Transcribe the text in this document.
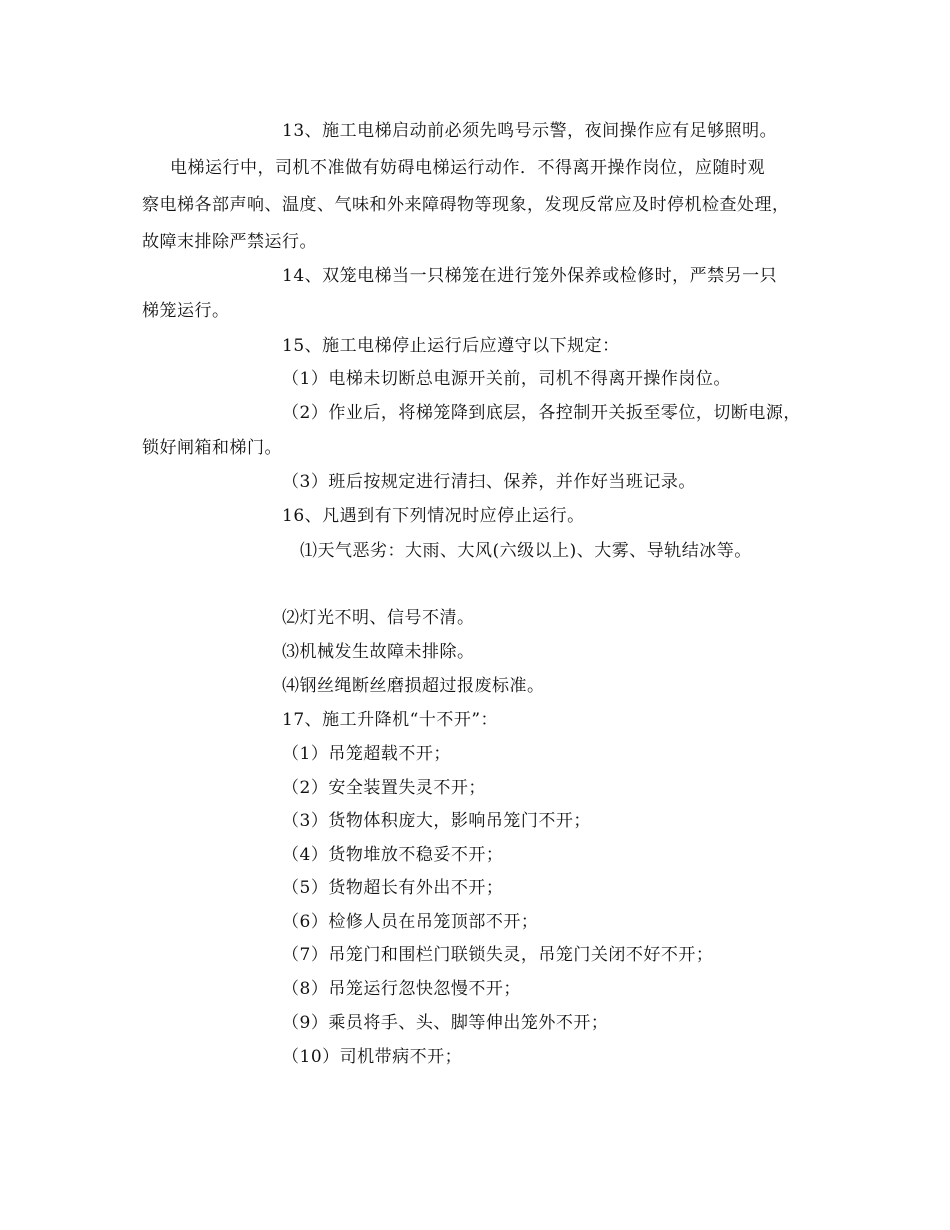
13、施工电梯启动前必须先鸣号示警，夜间操作应有足够照明。
电梯运行中，司机不准做有妨碍电梯运行动作．不得离开操作岗位，应随时观
察电梯各部声响、温度、气味和外来障碍物等现象，发现反常应及时停机检查处理，
故障末排除严禁运行。
14、双笼电梯当一只梯笼在进行笼外保养或检修时，严禁另一只
梯笼运行。
15、施工电梯停止运行后应遵守以下规定：
（1）电梯未切断总电源开关前，司机不得离开操作岗位。
（2）作业后，将梯笼降到底层，各控制开关扳至零位，切断电源，
锁好闸箱和梯门。
（3）班后按规定进行清扫、保养，并作好当班记录。
16、凡遇到有下列情况时应停止运行。
⑴天气恶劣：大雨、大风(六级以上)、大雾、导轨结冰等。
⑵灯光不明、信号不清。
⑶机械发生故障未排除。
⑷钢丝绳断丝磨损超过报废标准。
17、施工升降机“十不开”：
（1）吊笼超载不开；
（2）安全装置失灵不开；
（3）货物体积庞大，影响吊笼门不开；
（4）货物堆放不稳妥不开；
（5）货物超长有外出不开；
（6）检修人员在吊笼顶部不开；
（7）吊笼门和围栏门联锁失灵，吊笼门关闭不好不开；
（8）吊笼运行忽快忽慢不开；
（9）乘员将手、头、脚等伸出笼外不开；
（10）司机带病不开；
